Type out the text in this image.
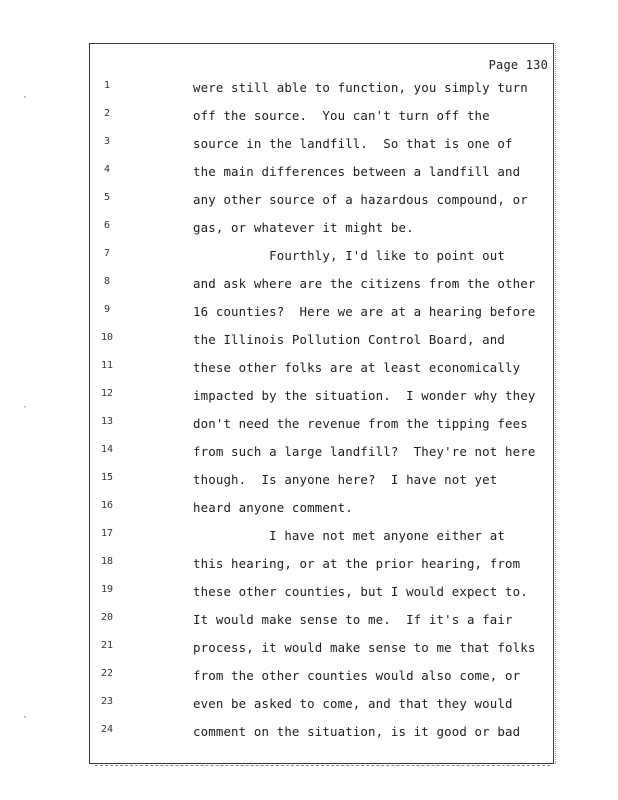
Page 130
1	were still able to function, you simply turn
2	off the source.  You can't turn off the
3	source in the landfill.  So that is one of
4	the main differences between a landfill and
5	any other source of a hazardous compound, or
6	gas, or whatever it might be.
7	Fourthly, I'd like to point out
8	and ask where are the citizens from the other
9	16 counties?  Here we are at a hearing before
10	the Illinois Pollution Control Board, and
11	these other folks are at least economically
12	impacted by the situation.  I wonder why they
13	don't need the revenue from the tipping fees
14	from such a large landfill?  They're not here
15	though.  Is anyone here?  I have not yet
16	heard anyone comment.
17	I have not met anyone either at
18	this hearing, or at the prior hearing, from
19	these other counties, but I would expect to.
20	It would make sense to me.  If it's a fair
21	process, it would make sense to me that folks
22	from the other counties would also come, or
23	even be asked to come, and that they would
24	comment on the situation, is it good or bad
·
·
·
